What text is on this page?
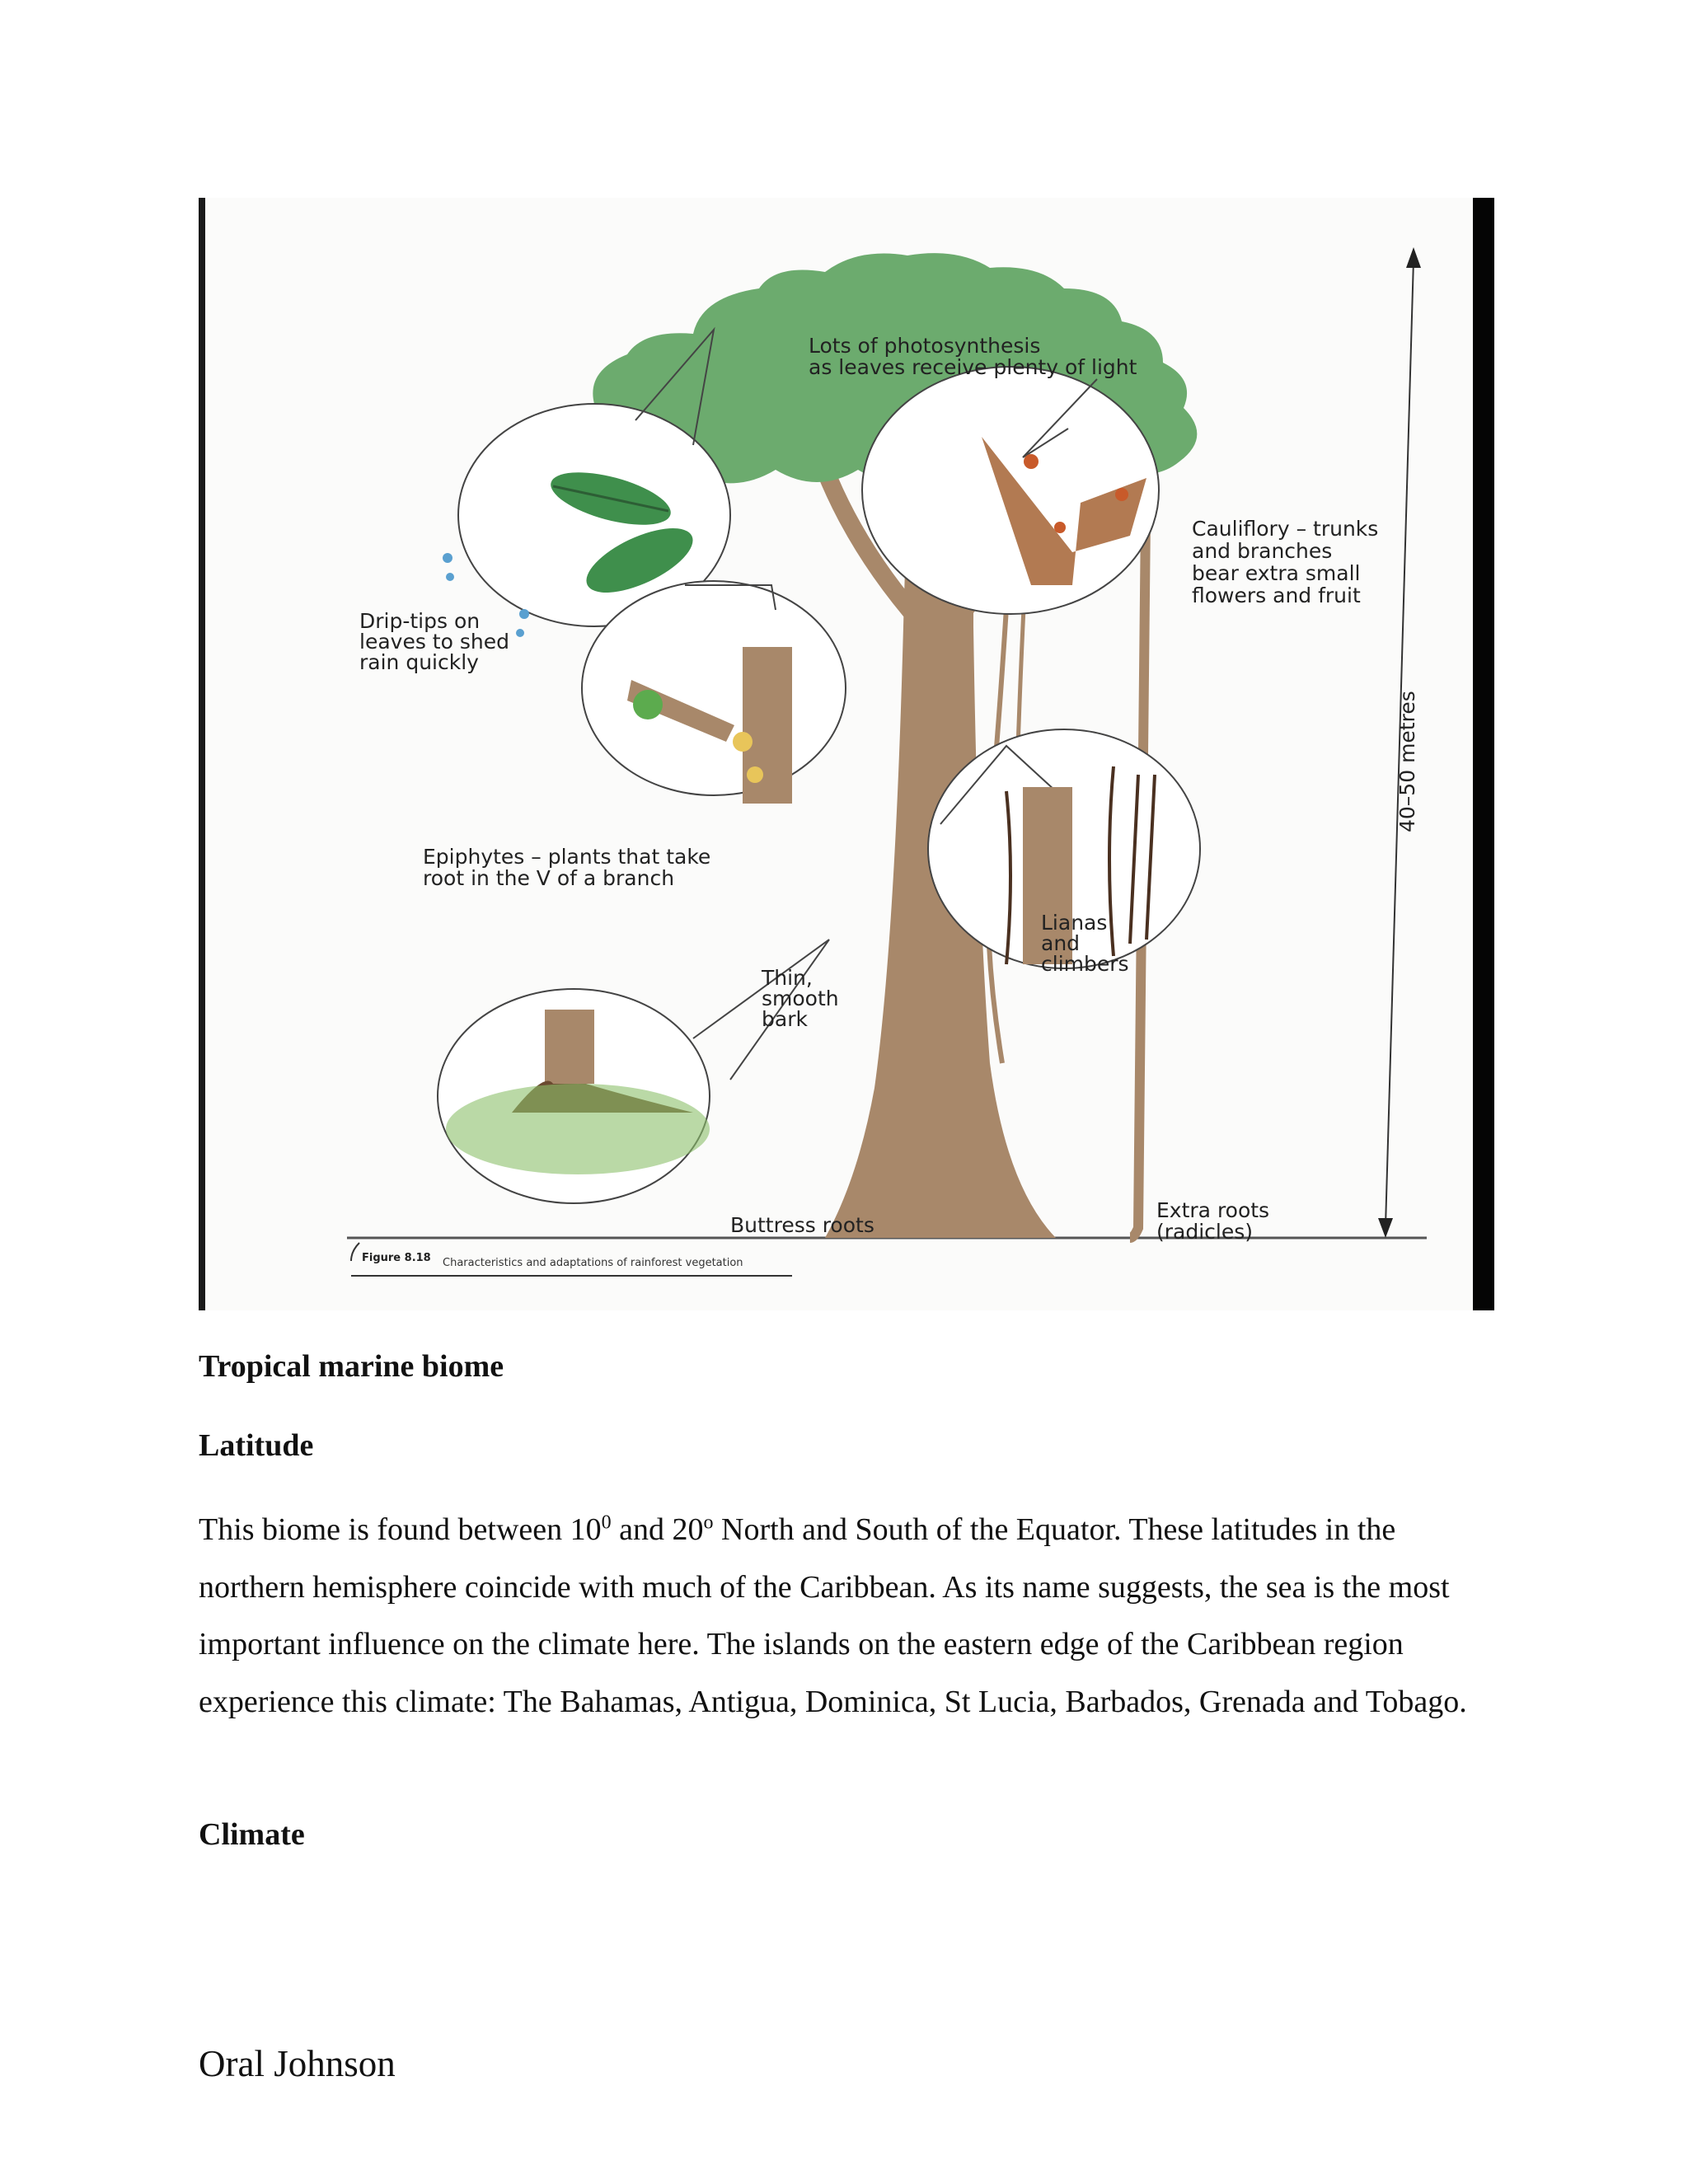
Lots of photosynthesis as leaves receive plenty of light
Drip-tips on leaves to shed rain quickly
Cauliflory – trunks and branches bear extra small flowers and fruit
Epiphytes – plants that take root in the V of a branch
Lianas and climbers
Thin, smooth bark
Buttress roots
Extra roots (radicles)
40–50 metres
Figure 8.18 Characteristics and adaptations of rainforest vegetation

Tropical marine biome

Latitude

This biome is found between $10^0$ and 20$^o$ North and South of the Equator. These latitudes in the northern hemisphere coincide with much of the Caribbean. As its name suggests, the sea is the most important influence on the climate here. The islands on the eastern edge of the Caribbean region experience this climate: The Bahamas, Antigua, Dominica, St Lucia, Barbados, Grenada and Tobago.

Climate

Oral Johnson
